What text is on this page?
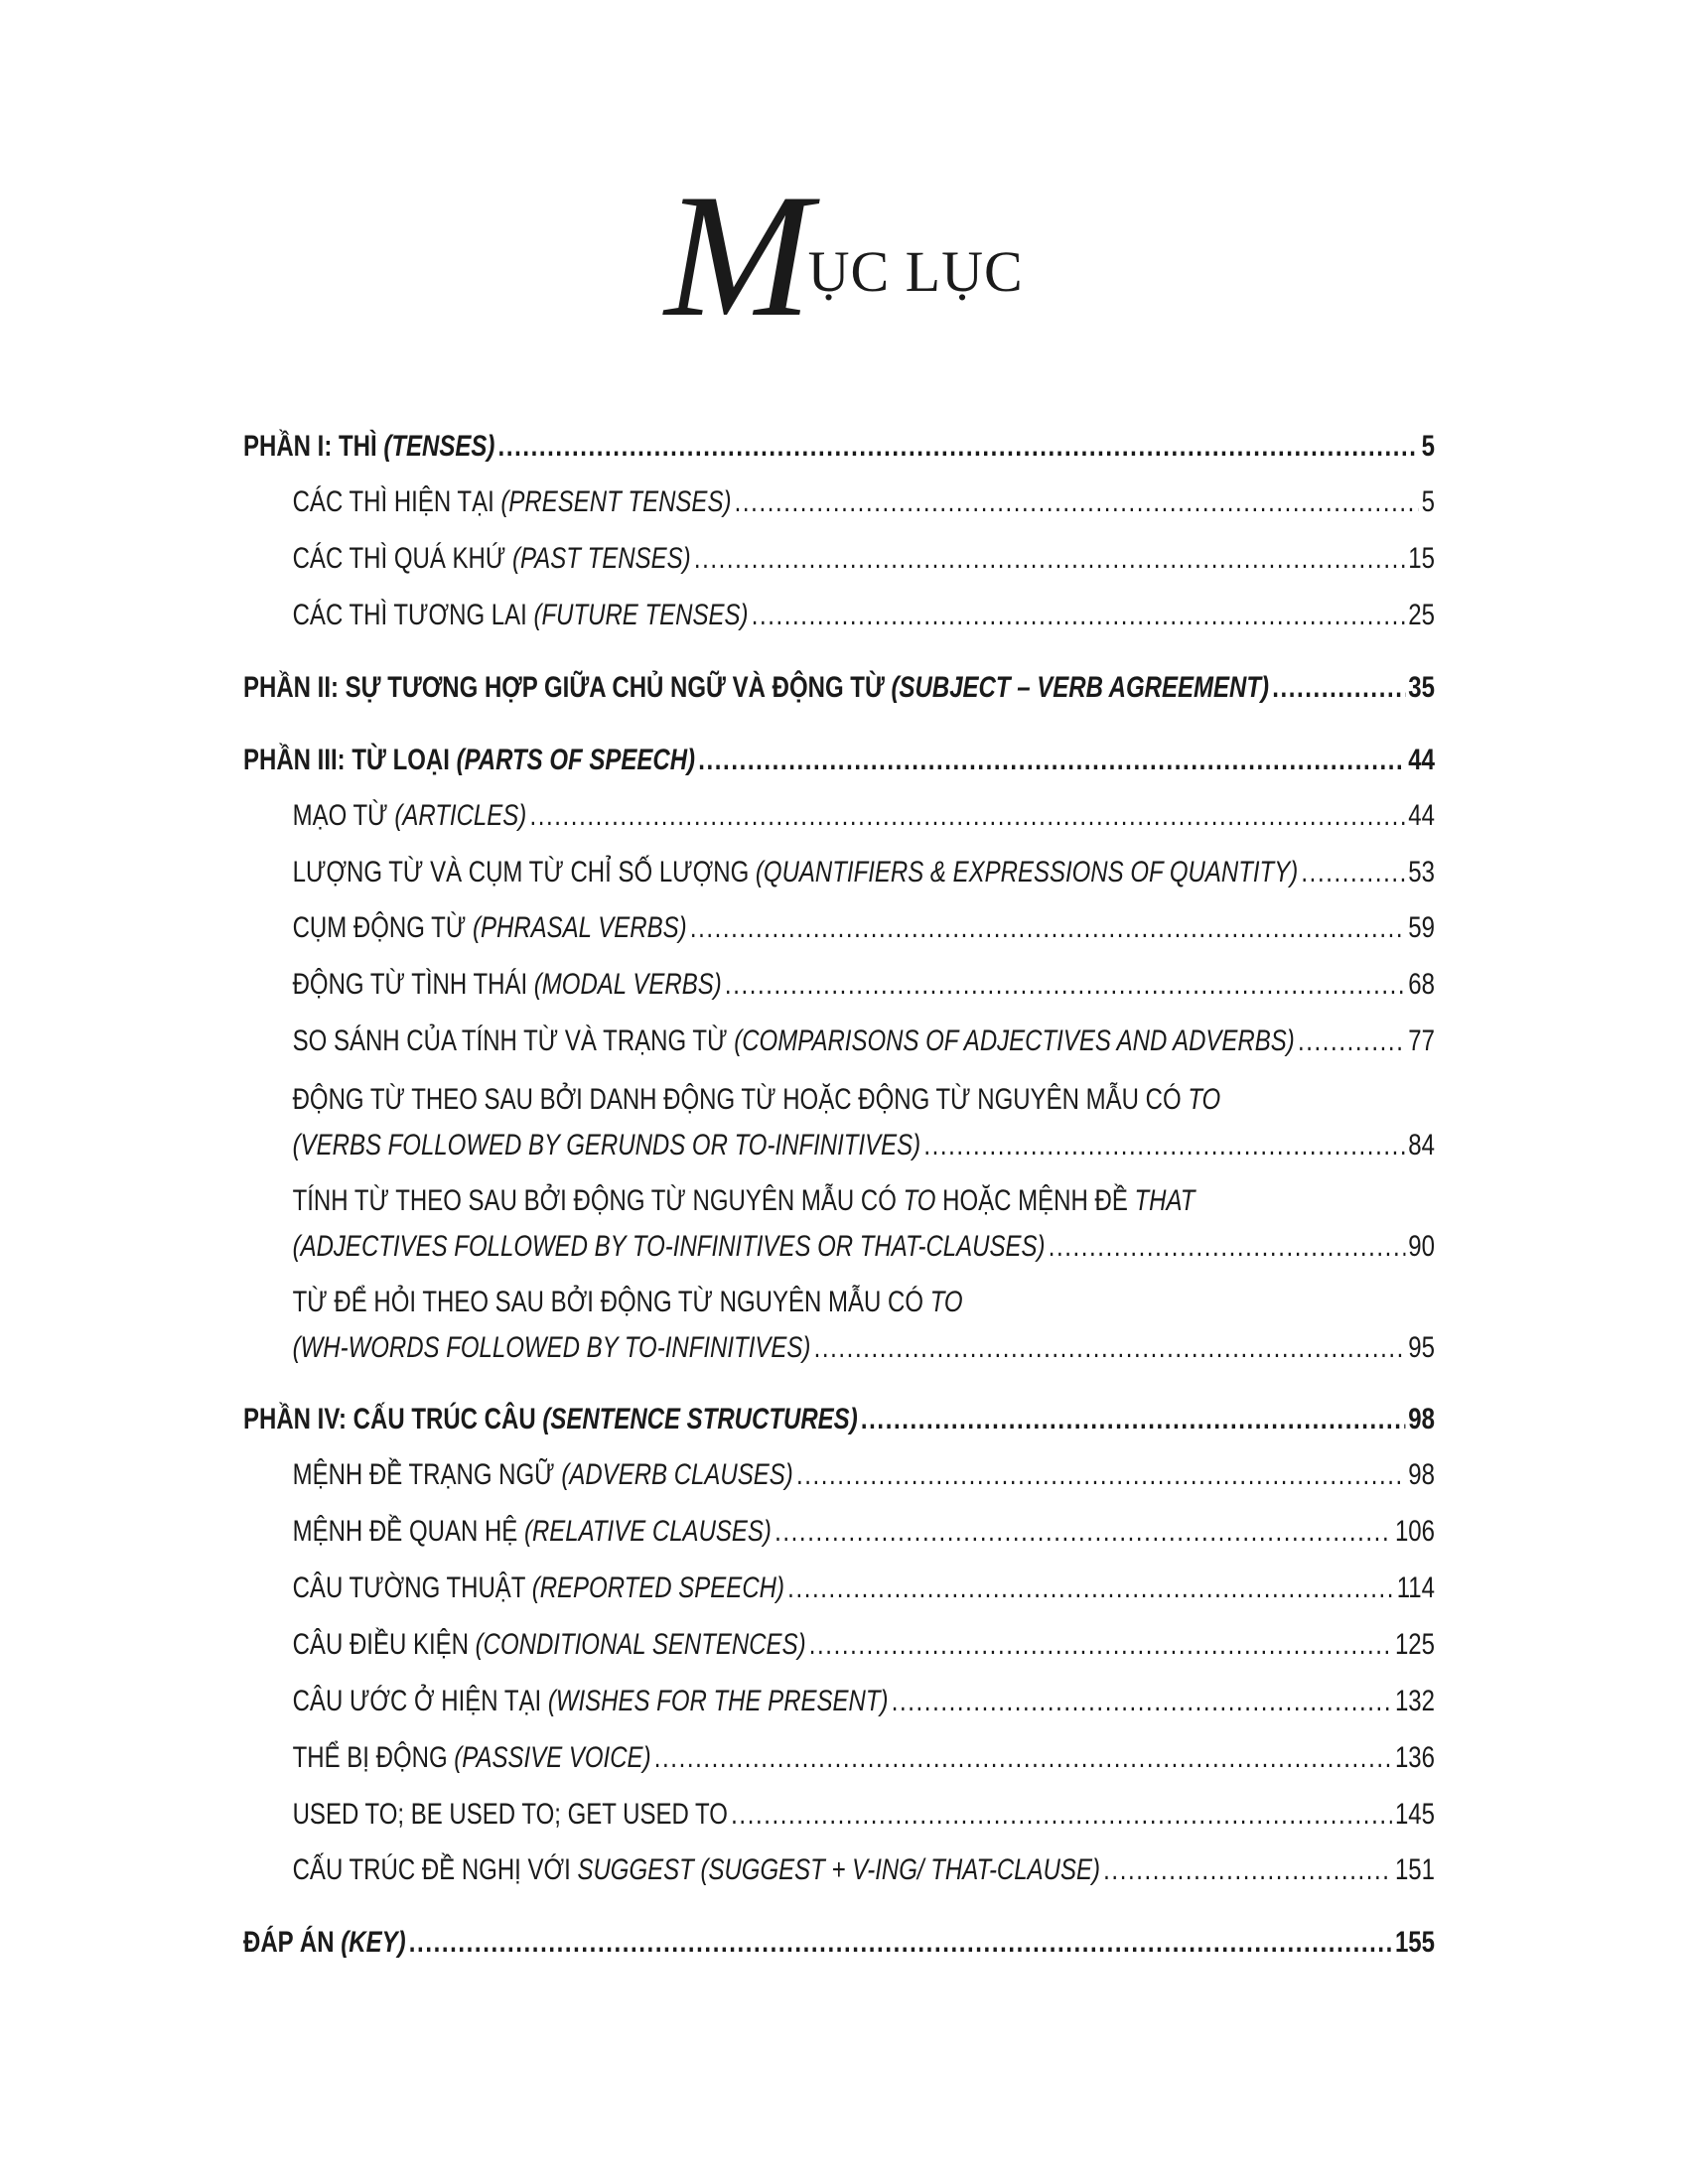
MỤC LỤC
PHẦN I: THÌ (TENSES) .....	5
CÁC THÌ HIỆN TẠI (PRESENT TENSES) .....	5
CÁC THÌ QUÁ KHỨ (PAST TENSES) .....	15
CÁC THÌ TƯƠNG LAI (FUTURE TENSES) .....	25
PHẦN II: SỰ TƯƠNG HỢP GIỮA CHỦ NGỮ VÀ ĐỘNG TỪ (SUBJECT – VERB AGREEMENT) .....	35
PHẦN III: TỪ LOẠI (PARTS OF SPEECH) .....	44
MẠO TỪ (ARTICLES) .....	44
LƯỢNG TỪ VÀ CỤM TỪ CHỈ SỐ LƯỢNG (QUANTIFIERS & EXPRESSIONS OF QUANTITY) .....	53
CỤM ĐỘNG TỪ (PHRASAL VERBS) .....	59
ĐỘNG TỪ TÌNH THÁI (MODAL VERBS) .....	68
SO SÁNH CỦA TÍNH TỪ VÀ TRẠNG TỪ (COMPARISONS OF ADJECTIVES AND ADVERBS) .....	77
ĐỘNG TỪ THEO SAU BỞI DANH ĐỘNG TỪ HOẶC ĐỘNG TỪ NGUYÊN MẪU CÓ TO
(VERBS FOLLOWED BY GERUNDS OR TO-INFINITIVES) .....	84
TÍNH TỪ THEO SAU BỞI ĐỘNG TỪ NGUYÊN MẪU CÓ TO HOẶC MỆNH ĐỀ THAT
(ADJECTIVES FOLLOWED BY TO-INFINITIVES OR THAT-CLAUSES) .....	90
TỪ ĐỂ HỎI THEO SAU BỞI ĐỘNG TỪ NGUYÊN MẪU CÓ TO
(WH-WORDS FOLLOWED BY TO-INFINITIVES) .....	95
PHẦN IV: CẤU TRÚC CÂU (SENTENCE STRUCTURES) .....	98
MỆNH ĐỀ TRẠNG NGỮ (ADVERB CLAUSES) .....	98
MỆNH ĐỀ QUAN HỆ (RELATIVE CLAUSES) .....	106
CÂU TƯỜNG THUẬT (REPORTED SPEECH) .....	114
CÂU ĐIỀU KIỆN (CONDITIONAL SENTENCES) .....	125
CÂU ƯỚC Ở HIỆN TẠI (WISHES FOR THE PRESENT) .....	132
THỂ BỊ ĐỘNG (PASSIVE VOICE) .....	136
USED TO; BE USED TO; GET USED TO .....	145
CẤU TRÚC ĐỀ NGHỊ VỚI SUGGEST (SUGGEST + V-ING/ THAT-CLAUSE) .....	151
ĐÁP ÁN (KEY) .....	155
